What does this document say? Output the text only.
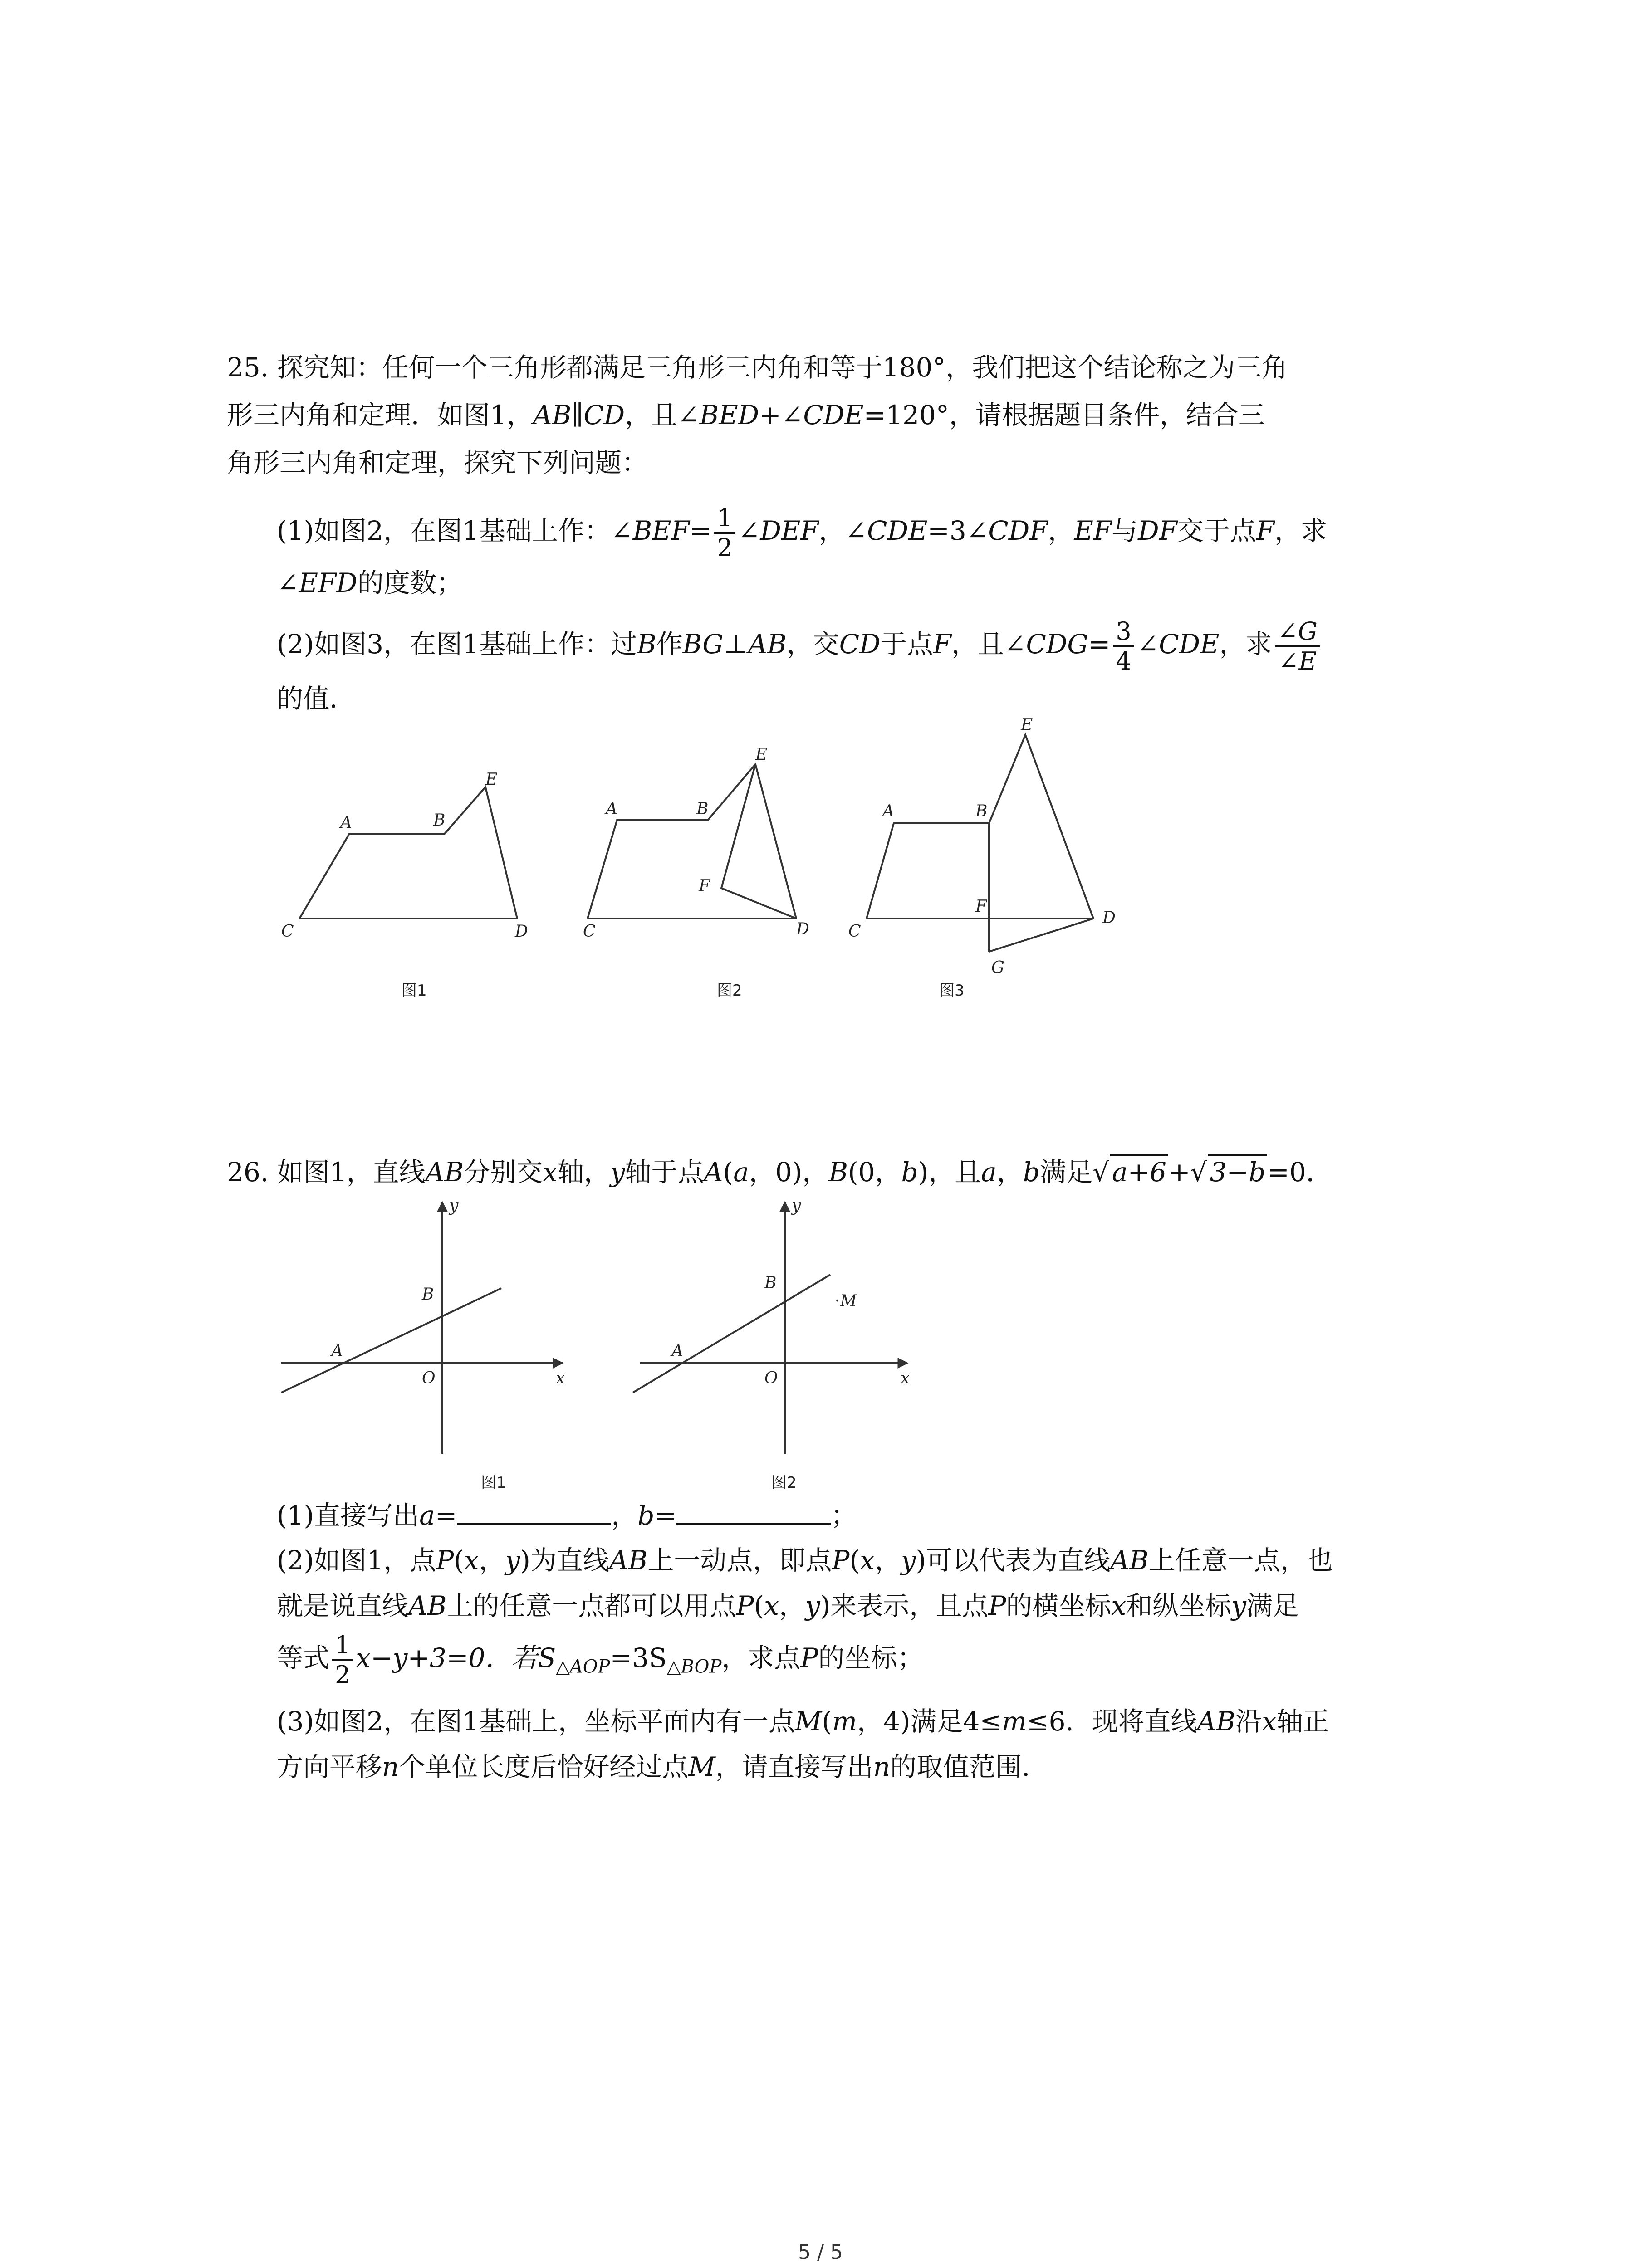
25. 探究知：任何一个三角形都满足三角形三内角和等于180°，我们把这个结论称之为三角
形三内角和定理．如图1，AB∥CD，且∠BED+∠CDE=120°，请根据题目条件，结合三
角形三内角和定理，探究下列问题：
(1)如图2，在图1基础上作：∠BEF= $\frac{1}{2}$ ∠DEF，∠CDE=3∠CDF，EF与DF交于点F，求
∠EFD的度数；
(2)如图3，在图1基础上作：过B作BG⊥AB，交CD于点F，且∠CDG= $\frac{3}{4}$ ∠CDE，求 $\frac{\angle G}{\angle E}$
的值．
A	B
C	D
E
图1
A	B
C	D
E
F
图2
A	B
C
D
E
F
G
图3
26. 如图1，直线AB分别交x轴，y轴于点A(a，0)，B(0，b)，且a，b满足√ a+6+√ 3−b=0．
A
B
O	x
y
图1
A
B
O	x
y
·M
图2
(1)直接写出a=	，b=	；
(2)如图1，点P(x，y)为直线AB上一动点，即点P(x，y)可以代表为直线AB上任意一点，也
就是说直线AB上的任意一点都可以用点P(x，y)来表示，且点P的横坐标x和纵坐标y满足
等式 $\frac{1}{2} x-y+3=0$．若$S_{\triangle AOP}=3S_{\triangle BOP}$，求点P的坐标；
(3)如图2，在图1基础上，坐标平面内有一点M(m，4)满足4≤m≤6．现将直线AB沿x轴正
方向平移n个单位长度后恰好经过点M，请直接写出n的取值范围．
5 / 5
